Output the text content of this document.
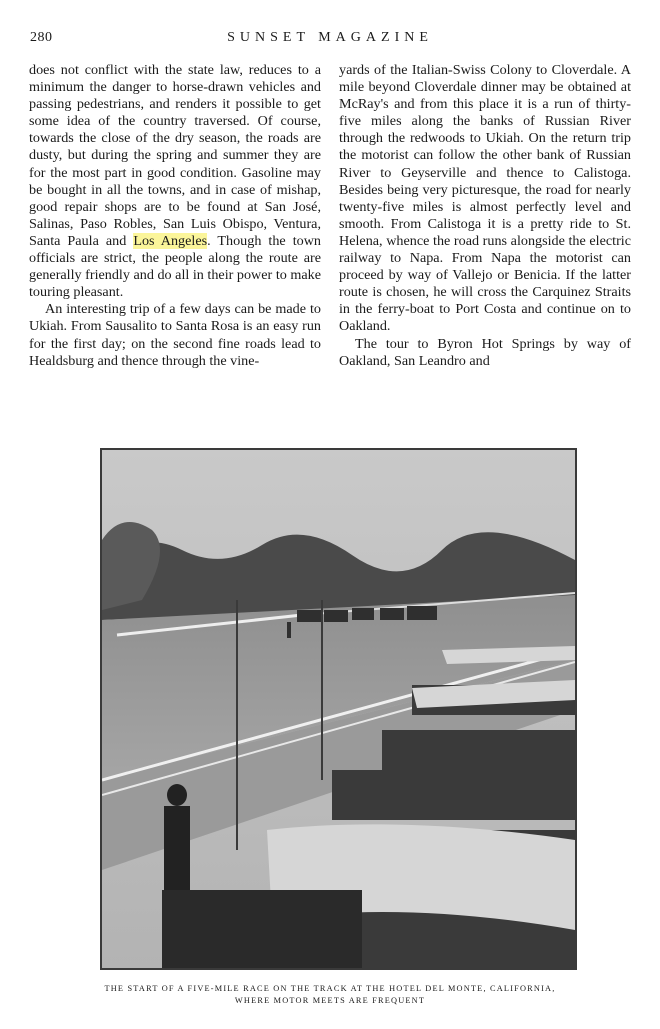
280	SUNSET MAGAZINE

does not conflict with the state law, reduces to a minimum the danger to horse-drawn vehicles and passing pedestrians, and renders it possible to get some idea of the country traversed. Of course, towards the close of the dry season, the roads are dusty, but during the spring and summer they are for the most part in good condition. Gasoline may be bought in all the towns, and in case of mishap, good repair shops are to be found at San José, Salinas, Paso Robles, San Luis Obispo, Ventura, Santa Paula and Los Angeles. Though the town officials are strict, the people along the route are generally friendly and do all in their power to make touring pleasant.

An interesting trip of a few days can be made to Ukiah. From Sausalito to Santa Rosa is an easy run for the first day; on the second fine roads lead to Healdsburg and thence through the vine-

yards of the Italian-Swiss Colony to Cloverdale. A mile beyond Cloverdale dinner may be obtained at McRay's and from this place it is a run of thirty-five miles along the banks of Russian River through the redwoods to Ukiah. On the return trip the motorist can follow the other bank of Russian River to Geyserville and thence to Calistoga. Besides being very picturesque, the road for nearly twenty-five miles is almost perfectly level and smooth. From Calistoga it is a pretty ride to St. Helena, whence the road runs alongside the electric railway to Napa. From Napa the motorist can proceed by way of Vallejo or Benicia. If the latter route is chosen, he will cross the Carquinez Straits in the ferry-boat to Port Costa and continue on to Oakland.

The tour to Byron Hot Springs by way of Oakland, San Leandro and

THE START OF A FIVE-MILE RACE ON THE TRACK AT THE HOTEL DEL MONTE, CALIFORNIA,
WHERE MOTOR MEETS ARE FREQUENT
